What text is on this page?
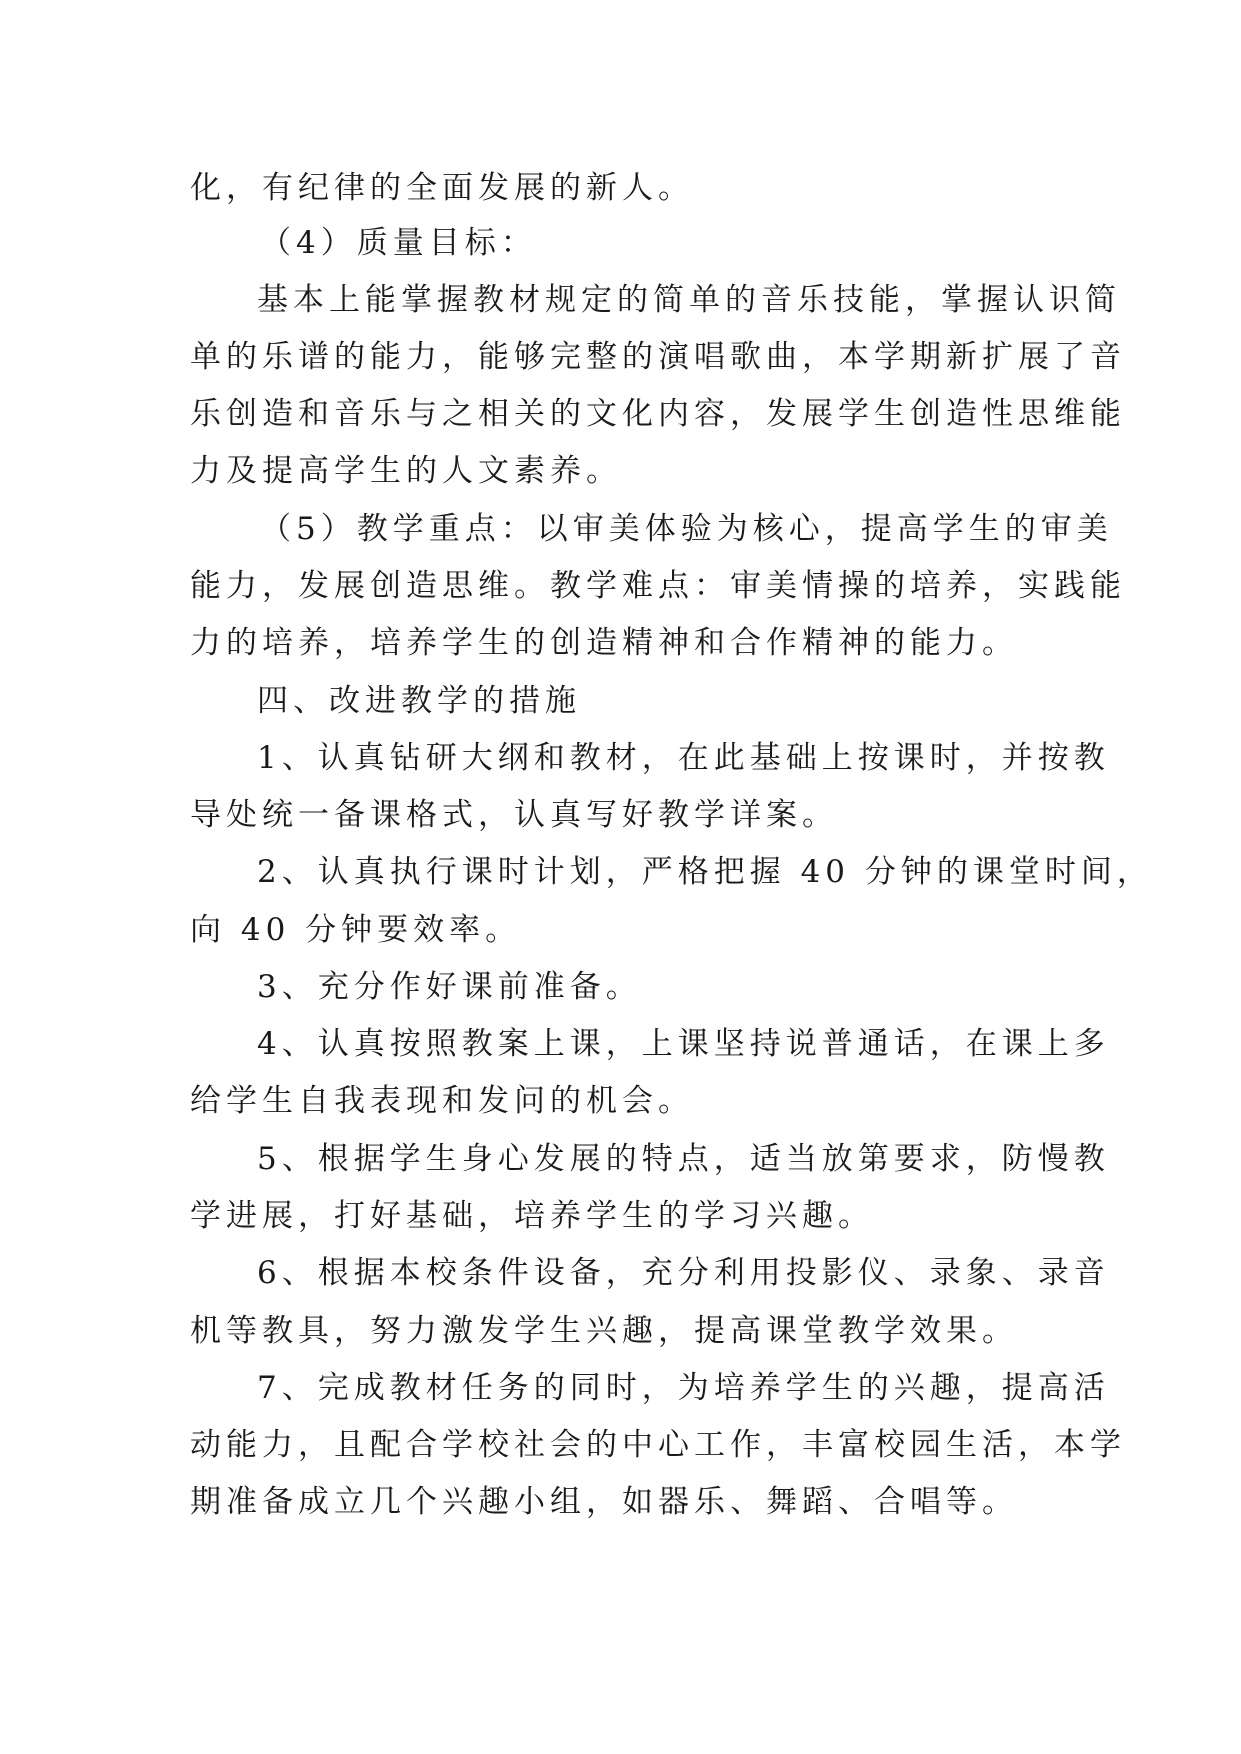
化，有纪律的全面发展的新人。
（4）质量目标：
基本上能掌握教材规定的简单的音乐技能，掌握认识简
单的乐谱的能力，能够完整的演唱歌曲，本学期新扩展了音
乐创造和音乐与之相关的文化内容，发展学生创造性思维能
力及提高学生的人文素养。
（5）教学重点：以审美体验为核心，提高学生的审美
能力，发展创造思维。教学难点：审美情操的培养，实践能
力的培养，培养学生的创造精神和合作精神的能力。
四、改进教学的措施
1、认真钻研大纲和教材，在此基础上按课时，并按教
导处统一备课格式，认真写好教学详案。
2、认真执行课时计划，严格把握 40 分钟的课堂时间，
向 40 分钟要效率。
3、充分作好课前准备。
4、认真按照教案上课，上课坚持说普通话，在课上多
给学生自我表现和发问的机会。
5、根据学生身心发展的特点，适当放第要求，防慢教
学进展，打好基础，培养学生的学习兴趣。
6、根据本校条件设备，充分利用投影仪、录象、录音
机等教具，努力激发学生兴趣，提高课堂教学效果。
7、完成教材任务的同时，为培养学生的兴趣，提高活
动能力，且配合学校社会的中心工作，丰富校园生活，本学
期准备成立几个兴趣小组，如器乐、舞蹈、合唱等。
